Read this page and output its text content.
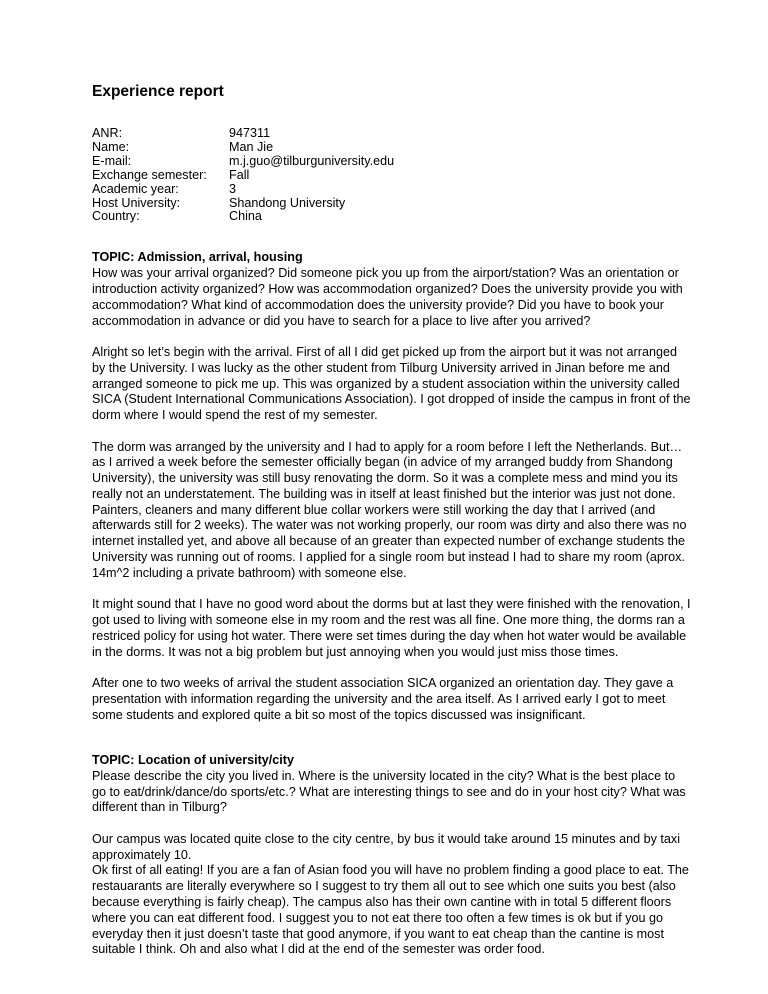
Experience report
ANR:	947311
Name:	Man Jie
E-mail:	m.j.guo@tilburguniversity.edu
Exchange semester:	Fall
Academic year:	3
Host University:	Shandong University
Country:	China
TOPIC: Admission, arrival, housing

How was your arrival organized? Did someone pick you up from the airport/station? Was an orientation or introduction activity organized? How was accommodation organized? Does the university provide you with accommodation? What kind of accommodation does the university provide? Did you have to book your accommodation in advance or did you have to search for a place to live after you arrived?

Alright so let’s begin with the arrival. First of all I did get picked up from the airport but it was not arranged by the University. I was lucky as the other student from Tilburg University arrived in Jinan before me and arranged someone to pick me up. This was organized by a student association within the university called SICA (Student International Communications Association). I got dropped of inside the campus in front of the dorm where I would spend the rest of my semester.

The dorm was arranged by the university and I had to apply for a room before I left the Netherlands. But… as I arrived a week before the semester officially began (in advice of my arranged buddy from Shandong University), the university was still busy renovating the dorm. So it was a complete mess and mind you its really not an understatement. The building was in itself at least finished but the interior was just not done. Painters, cleaners and many different blue collar workers were still working the day that I arrived (and afterwards still for 2 weeks). The water was not working properly, our room was dirty and also there was no internet installed yet, and above all because of an greater than expected number of exchange students the University was running out of rooms. I applied for a single room but instead I had to share my room (aprox. 14m^2 including a private bathroom) with someone else.

It might sound that I have no good word about the dorms but at last they were finished with the renovation, I got used to living with someone else in my room and the rest was all fine. One more thing, the dorms ran a restriced policy for using hot water. There were set times during the day when hot water would be available in the dorms. It was not a big problem but just annoying when you would just miss those times.

After one to two weeks of arrival the student association SICA organized an orientation day. They gave a presentation with information regarding the university and the area itself. As I arrived early I got to meet some students and explored quite a bit so most of the topics discussed was insignificant.

TOPIC: Location of university/city

Please describe the city you lived in. Where is the university located in the city? What is the best place to go to eat/drink/dance/do sports/etc.? What are interesting things to see and do in your host city? What was different than in Tilburg?

Our campus was located quite close to the city centre, by bus it would take around 15 minutes and by taxi approximately 10.

Ok first of all eating! If you are a fan of Asian food you will have no problem finding a good place to eat. The restauarants are literally everywhere so I suggest to try them all out to see which one suits you best (also because everything is fairly cheap). The campus also has their own cantine with in total 5 different floors where you can eat different food. I suggest you to not eat there too often a few times is ok but if you go everyday then it just doesn’t taste that good anymore, if you want to eat cheap than the cantine is most suitable I think. Oh and also what I did at the end of the semester was order food.
